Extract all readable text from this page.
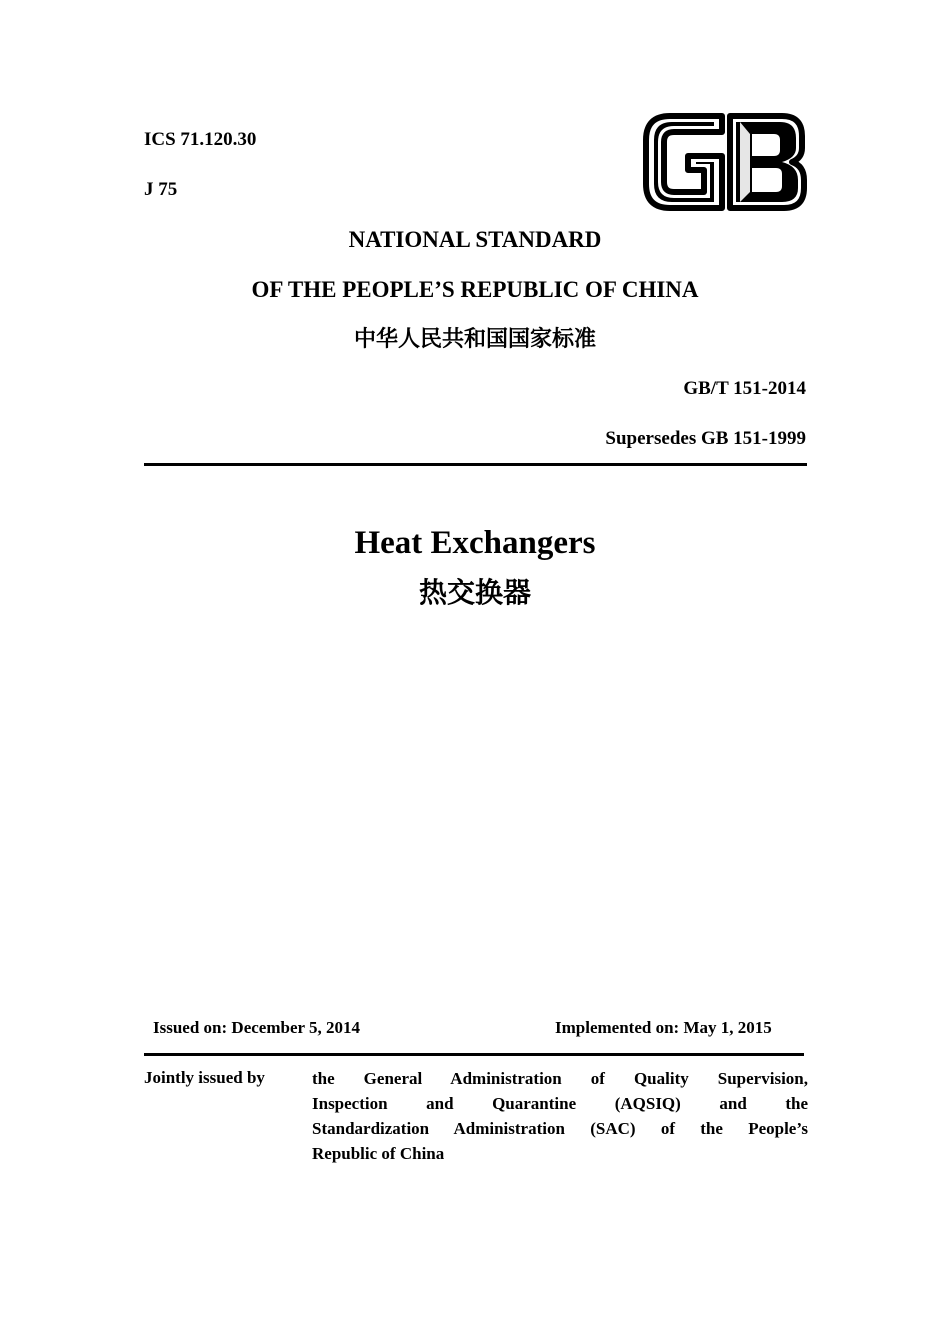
ICS 71.120.30
J 75
NATIONAL STANDARD
OF THE PEOPLE’S REPUBLIC OF CHINA
中华人民共和国国家标准
GB/T 151-2014
Supersedes GB 151-1999
Heat Exchangers
热交换器
Issued on: December 5, 2014	Implemented on: May 1, 2015
Jointly issued by	the General Administration of Quality Supervision,
Inspection and Quarantine (AQSIQ) and the
Standardization Administration (SAC) of the People’s
Republic of China
